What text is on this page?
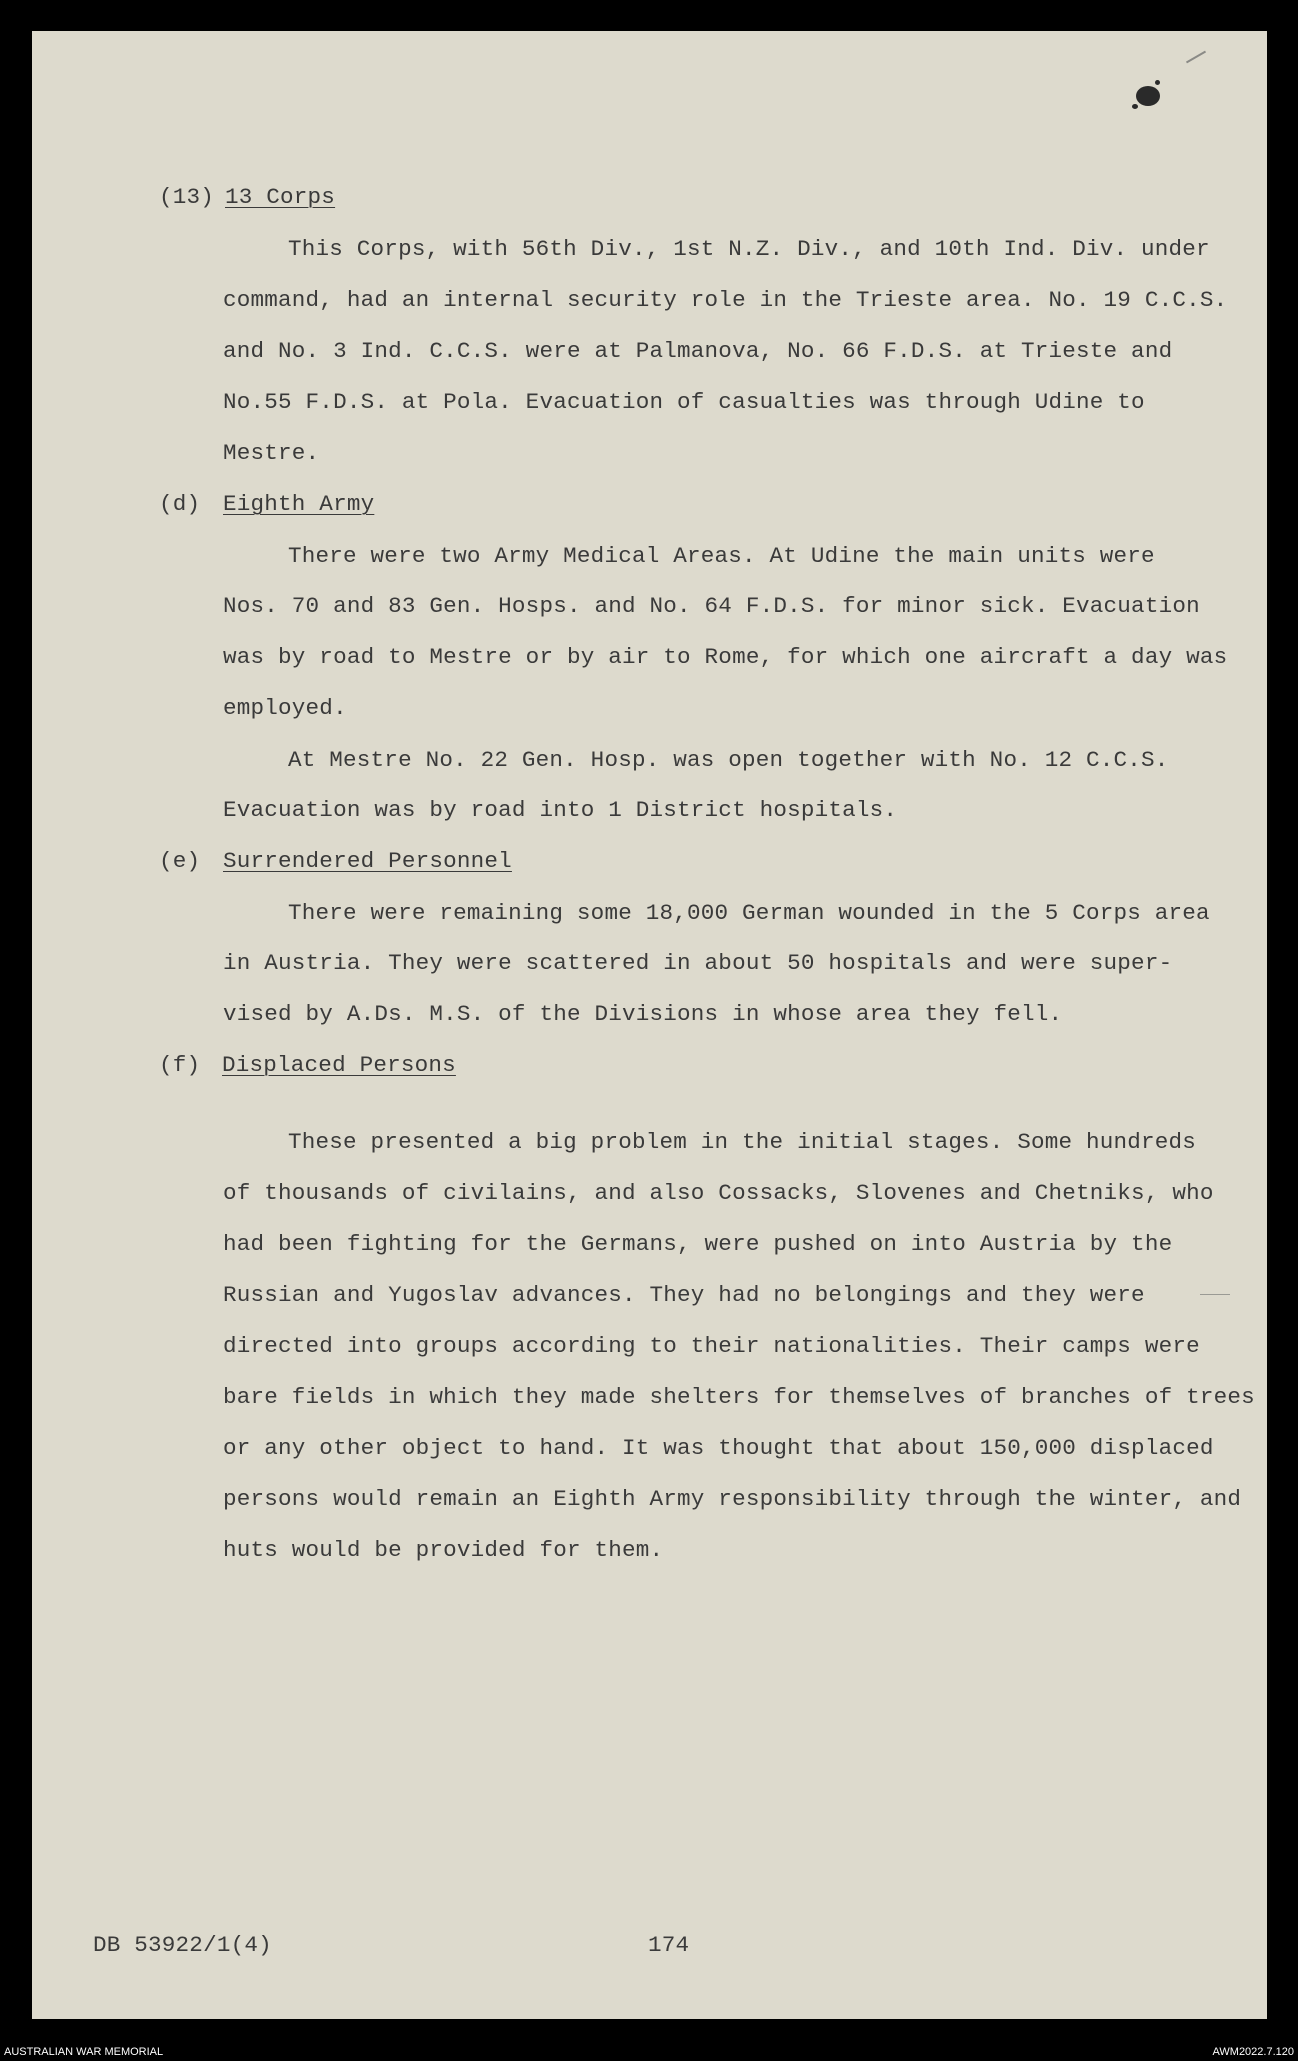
(13) 13 Corps
This Corps, with 56th Div., 1st N.Z. Div., and 10th Ind. Div. under
command, had an internal security role in the Trieste area. No. 19 C.C.S.
and No. 3 Ind. C.C.S. were at Palmanova, No. 66 F.D.S. at Trieste and
No.55 F.D.S. at Pola. Evacuation of casualties was through Udine to
Mestre.
(d) Eighth Army
There were two Army Medical Areas. At Udine the main units were
Nos. 70 and 83 Gen. Hosps. and No. 64 F.D.S. for minor sick. Evacuation
was by road to Mestre or by air to Rome, for which one aircraft a day was
employed.
At Mestre No. 22 Gen. Hosp. was open together with No. 12 C.C.S.
Evacuation was by road into 1 District hospitals.
(e) Surrendered Personnel
There were remaining some 18,000 German wounded in the 5 Corps area
in Austria. They were scattered in about 50 hospitals and were super-
vised by A.Ds. M.S. of the Divisions in whose area they fell.
(f) Displaced Persons
These presented a big problem in the initial stages. Some hundreds
of thousands of civilains, and also Cossacks, Slovenes and Chetniks, who
had been fighting for the Germans, were pushed on into Austria by the
Russian and Yugoslav advances. They had no belongings and they were
directed into groups according to their nationalities. Their camps were
bare fields in which they made shelters for themselves of branches of trees
or any other object to hand. It was thought that about 150,000 displaced
persons would remain an Eighth Army responsibility through the winter, and
huts would be provided for them.
DB 53922/1(4)	174
AUSTRALIAN WAR MEMORIAL	AWM2022.7.120
